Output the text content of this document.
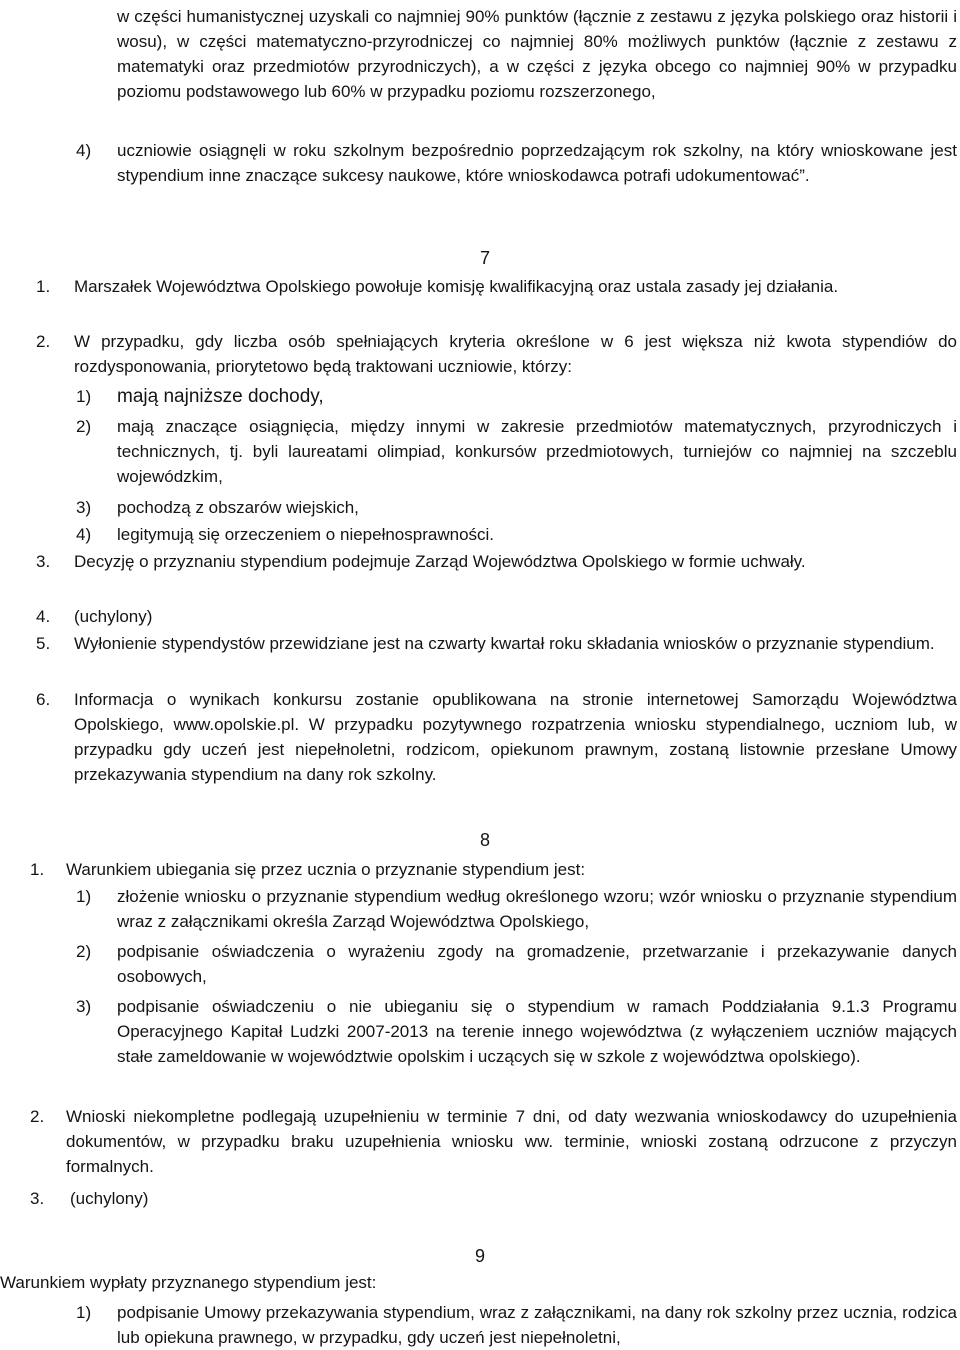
w części humanistycznej uzyskali co najmniej 90% punktów (łącznie z zestawu z języka polskiego oraz historii i wosu), w części matematyczno-przyrodniczej co najmniej 80% możliwych punktów (łącznie z zestawu z matematyki oraz przedmiotów przyrodniczych), a w części z języka obcego co najmniej 90% w przypadku poziomu podstawowego lub 60% w przypadku poziomu rozszerzonego,

4) uczniowie osiągnęli w roku szkolnym bezpośrednio poprzedzającym rok szkolny, na który wnioskowane jest stypendium inne znaczące sukcesy naukowe, które wnioskodawca potrafi udokumentować”.

7

1. Marszałek Województwa Opolskiego powołuje komisję kwalifikacyjną oraz ustala zasady jej działania.

2. W przypadku, gdy liczba osób spełniających kryteria określone w 6 jest większa niż kwota stypendiów do rozdysponowania, priorytetowo będą traktowani uczniowie, którzy:

1) mają najniższe dochody,

2) mają znaczące osiągnięcia, między innymi w zakresie przedmiotów matematycznych, przyrodniczych i technicznych, tj. byli laureatami olimpiad, konkursów przedmiotowych, turniejów co najmniej na szczeblu wojewódzkim,

3) pochodzą z obszarów wiejskich,

4) legitymują się orzeczeniem o niepełnosprawności.

3. Decyzję o przyznaniu stypendium podejmuje Zarząd Województwa Opolskiego w formie uchwały.

4. (uchylony)

5. Wyłonienie stypendystów przewidziane jest na czwarty kwartał roku składania wniosków o przyznanie stypendium.

6. Informacja o wynikach konkursu zostanie opublikowana na stronie internetowej Samorządu Województwa Opolskiego, www.opolskie.pl. W przypadku pozytywnego rozpatrzenia wniosku stypendialnego, uczniom lub, w przypadku gdy uczeń jest niepełnoletni, rodzicom, opiekunom prawnym, zostaną listownie przesłane Umowy przekazywania stypendium na dany rok szkolny.

8

1. Warunkiem ubiegania się przez ucznia o przyznanie stypendium jest:

1) złożenie wniosku o przyznanie stypendium według określonego wzoru; wzór wniosku o przyznanie stypendium wraz z załącznikami określa Zarząd Województwa Opolskiego,

2) podpisanie oświadczenia o wyrażeniu zgody na gromadzenie, przetwarzanie i przekazywanie danych osobowych,

3) podpisanie oświadczeniu o nie ubieganiu się o stypendium w ramach Poddziałania 9.1.3 Programu Operacyjnego Kapitał Ludzki 2007-2013 na terenie innego województwa (z wyłączeniem uczniów mających stałe zameldowanie w województwie opolskim i uczących się w szkole z województwa opolskiego).

2. Wnioski niekompletne podlegają uzupełnieniu w terminie 7 dni, od daty wezwania wnioskodawcy do uzupełnienia dokumentów, w przypadku braku uzupełnienia wniosku ww. terminie, wnioski zostaną odrzucone z przyczyn formalnych.

3. (uchylony)

9

Warunkiem wypłaty przyznanego stypendium jest:

1) podpisanie Umowy przekazywania stypendium, wraz z załącznikami, na dany rok szkolny przez ucznia, rodzica lub opiekuna prawnego, w przypadku, gdy uczeń jest niepełnoletni,
